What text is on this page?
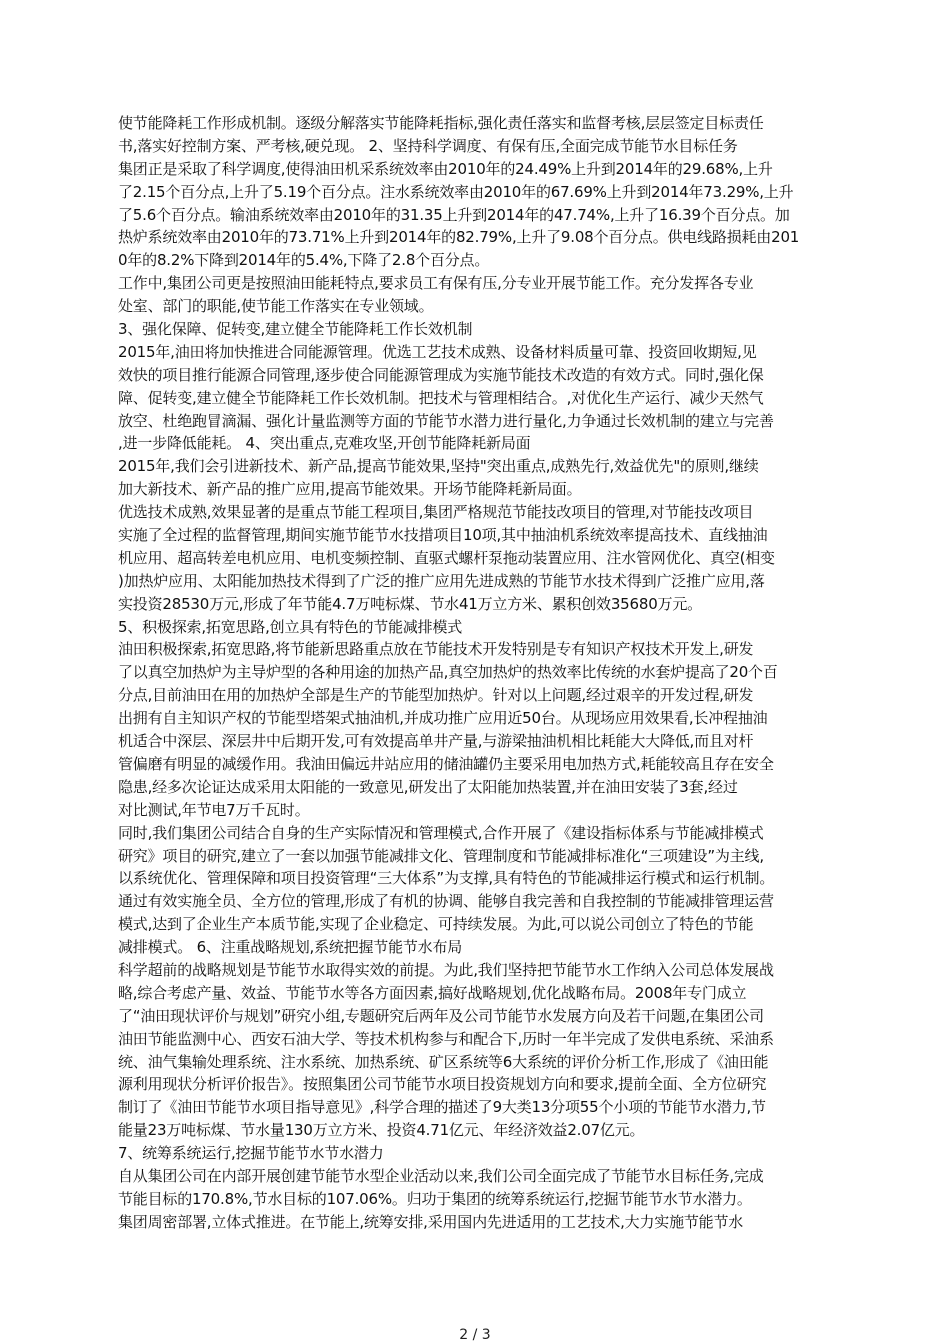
使节能降耗工作形成机制。逐级分解落实节能降耗指标,强化责任落实和监督考核,层层签定目标责任
书,落实好控制方案、严考核,硬兑现。 2、坚持科学调度、有保有压,全面完成节能节水目标任务
集团正是采取了科学调度,使得油田机采系统效率由2010年的24.49%上升到2014年的29.68%,上升
了2.15个百分点,上升了5.19个百分点。注水系统效率由2010年的67.69%上升到2014年73.29%,上升
了5.6个百分点。输油系统效率由2010年的31.35上升到2014年的47.74%,上升了16.39个百分点。加
热炉系统效率由2010年的73.71%上升到2014年的82.79%,上升了9.08个百分点。供电线路损耗由201
0年的8.2%下降到2014年的5.4%,下降了2.8个百分点。
工作中,集团公司更是按照油田能耗特点,要求员工有保有压,分专业开展节能工作。充分发挥各专业
处室、部门的职能,使节能工作落实在专业领域。
3、强化保障、促转变,建立健全节能降耗工作长效机制
2015年,油田将加快推进合同能源管理。优选工艺技术成熟、设备材料质量可靠、投资回收期短,见
效快的项目推行能源合同管理,逐步使合同能源管理成为实施节能技术改造的有效方式。同时,强化保
障、促转变,建立健全节能降耗工作长效机制。把技术与管理相结合。,对优化生产运行、减少天然气
放空、杜绝跑冒滴漏、强化计量监测等方面的节能节水潜力进行量化,力争通过长效机制的建立与完善
,进一步降低能耗。 4、突出重点,克难攻坚,开创节能降耗新局面
2015年,我们会引进新技术、新产品,提高节能效果,坚持"突出重点,成熟先行,效益优先"的原则,继续
加大新技术、新产品的推广应用,提高节能效果。开场节能降耗新局面。
优选技术成熟,效果显著的是重点节能工程项目,集团严格规范节能技改项目的管理,对节能技改项目
实施了全过程的监督管理,期间实施节能节水技措项目10项,其中抽油机系统效率提高技术、直线抽油
机应用、超高转差电机应用、电机变频控制、直驱式螺杆泵拖动装置应用、注水管网优化、真空(相变
)加热炉应用、太阳能加热技术得到了广泛的推广应用先进成熟的节能节水技术得到广泛推广应用,落
实投资28530万元,形成了年节能4.7万吨标煤、节水41万立方米、累积创效35680万元。
5、积极探索,拓宽思路,创立具有特色的节能减排模式
油田积极探索,拓宽思路,将节能新思路重点放在节能技术开发特别是专有知识产权技术开发上,研发
了以真空加热炉为主导炉型的各种用途的加热产品,真空加热炉的热效率比传统的水套炉提高了20个百
分点,目前油田在用的加热炉全部是生产的节能型加热炉。针对以上问题,经过艰辛的开发过程,研发
出拥有自主知识产权的节能型塔架式抽油机,并成功推广应用近50台。从现场应用效果看,长冲程抽油
机适合中深层、深层井中后期开发,可有效提高单井产量,与游梁抽油机相比耗能大大降低,而且对杆
管偏磨有明显的减缓作用。我油田偏远井站应用的储油罐仍主要采用电加热方式,耗能较高且存在安全
隐患,经多次论证达成采用太阳能的一致意见,研发出了太阳能加热装置,并在油田安装了3套,经过
对比测试,年节电7万千瓦时。
同时,我们集团公司结合自身的生产实际情况和管理模式,合作开展了《建设指标体系与节能减排模式
研究》项目的研究,建立了一套以加强节能减排文化、管理制度和节能减排标准化“三项建设”为主线,
以系统优化、管理保障和项目投资管理“三大体系”为支撑,具有特色的节能减排运行模式和运行机制。
通过有效实施全员、全方位的管理,形成了有机的协调、能够自我完善和自我控制的节能减排管理运营
模式,达到了企业生产本质节能,实现了企业稳定、可持续发展。为此,可以说公司创立了特色的节能
减排模式。 6、注重战略规划,系统把握节能节水布局
科学超前的战略规划是节能节水取得实效的前提。为此,我们坚持把节能节水工作纳入公司总体发展战
略,综合考虑产量、效益、节能节水等各方面因素,搞好战略规划,优化战略布局。2008年专门成立
了“油田现状评价与规划”研究小组,专题研究后两年及公司节能节水发展方向及若干问题,在集团公司
油田节能监测中心、西安石油大学、等技术机构参与和配合下,历时一年半完成了发供电系统、采油系
统、油气集输处理系统、注水系统、加热系统、矿区系统等6大系统的评价分析工作,形成了《油田能
源利用现状分析评价报告》。按照集团公司节能节水项目投资规划方向和要求,提前全面、全方位研究
制订了《油田节能节水项目指导意见》,科学合理的描述了9大类13分项55个小项的节能节水潜力,节
能量23万吨标煤、节水量130万立方米、投资4.71亿元、年经济效益2.07亿元。
7、统筹系统运行,挖掘节能节水节水潜力
自从集团公司在内部开展创建节能节水型企业活动以来,我们公司全面完成了节能节水目标任务,完成
节能目标的170.8%,节水目标的107.06%。归功于集团的统筹系统运行,挖掘节能节水节水潜力。
集团周密部署,立体式推进。在节能上,统筹安排,采用国内先进适用的工艺技术,大力实施节能节水
2 / 3
